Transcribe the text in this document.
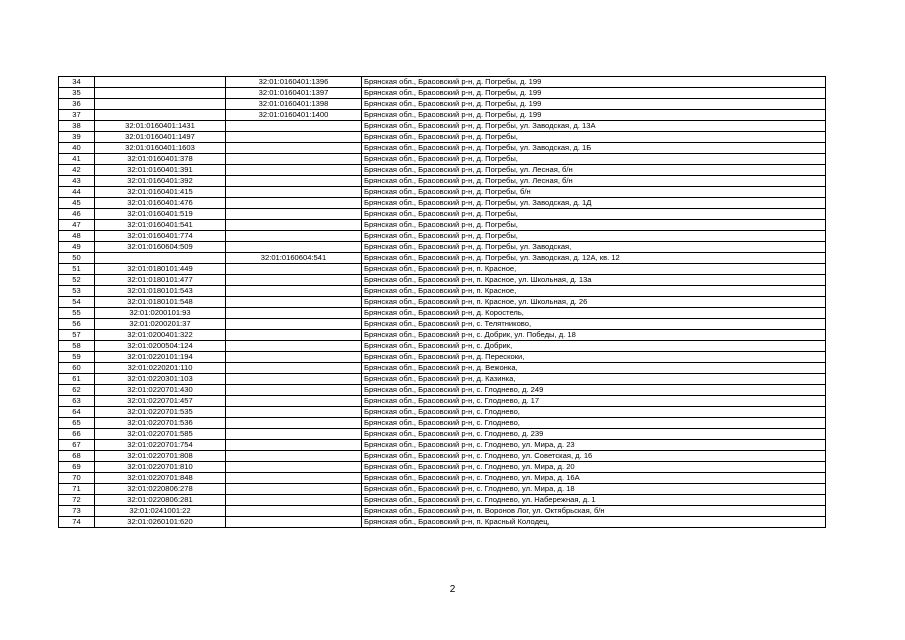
34		32:01:0160401:1396	Брянская обл., Брасовский р-н, д. Погребы, д. 199
35		32:01:0160401:1397	Брянская обл., Брасовский р-н, д. Погребы, д. 199
36		32:01:0160401:1398	Брянская обл., Брасовский р-н, д. Погребы, д. 199
37		32:01:0160401:1400	Брянская обл., Брасовский р-н, д. Погребы, д. 199
38	32:01:0160401:1431		Брянская обл., Брасовский р-н, д. Погребы, ул. Заводская, д. 13А
39	32:01:0160401:1497		Брянская обл., Брасовский р-н, д. Погребы,
40	32:01:0160401:1603		Брянская обл., Брасовский р-н, д. Погребы, ул. Заводская, д. 1Б
41	32:01:0160401:378		Брянская обл., Брасовский р-н, д. Погребы,
42	32:01:0160401:391		Брянская обл., Брасовский р-н, д. Погребы, ул. Лесная, б/н
43	32:01:0160401:392		Брянская обл., Брасовский р-н, д. Погребы, ул. Лесная, б/н
44	32:01:0160401:415		Брянская обл., Брасовский р-н, д. Погребы, б/н
45	32:01:0160401:476		Брянская обл., Брасовский р-н, д. Погребы, ул. Заводская, д. 1Д
46	32:01:0160401:519		Брянская обл., Брасовский р-н, д. Погребы,
47	32:01:0160401:541		Брянская обл., Брасовский р-н, д. Погребы,
48	32:01:0160401:774		Брянская обл., Брасовский р-н, д. Погребы,
49	32:01:0160604:509		Брянская обл., Брасовский р-н, д. Погребы, ул. Заводская,
50		32:01:0160604:541	Брянская обл., Брасовский р-н, д. Погребы, ул. Заводская, д. 12А, кв. 12
51	32:01:0180101:449		Брянская обл., Брасовский р-н, п. Красное,
52	32:01:0180101:477		Брянская обл., Брасовский р-н, п. Красное, ул. Школьная, д. 13а
53	32:01:0180101:543		Брянская обл., Брасовский р-н, п. Красное,
54	32:01:0180101:548		Брянская обл., Брасовский р-н, п. Красное, ул. Школьная, д. 26
55	32:01:0200101:93		Брянская обл., Брасовский р-н, д. Коростель,
56	32:01:0200201:37		Брянская обл., Брасовский р-н, с. Телятниково,
57	32:01:0200401:322		Брянская обл., Брасовский р-н, с. Добрик, ул. Победы, д. 18
58	32:01:0200504:124		Брянская обл., Брасовский р-н, с. Добрик,
59	32:01:0220101:194		Брянская обл., Брасовский р-н, д. Перескоки,
60	32:01:0220201:110		Брянская обл., Брасовский р-н, д. Вежонка,
61	32:01:0220301:103		Брянская обл., Брасовский р-н, д. Казинка,
62	32:01:0220701:430		Брянская обл., Брасовский р-н, с. Глоднево, д. 249
63	32:01:0220701:457		Брянская обл., Брасовский р-н, с. Глоднево, д. 17
64	32:01:0220701:535		Брянская обл., Брасовский р-н, с. Глоднево,
65	32:01:0220701:536		Брянская обл., Брасовский р-н, с. Глоднево,
66	32:01:0220701:585		Брянская обл., Брасовский р-н, с. Глоднево, д. 239
67	32:01:0220701:754		Брянская обл., Брасовский р-н, с. Глоднево, ул. Мира, д. 23
68	32:01:0220701:808		Брянская обл., Брасовский р-н, с. Глоднево, ул. Советская, д. 16
69	32:01:0220701:810		Брянская обл., Брасовский р-н, с. Глоднево, ул. Мира, д. 20
70	32:01:0220701:848		Брянская обл., Брасовский р-н, с. Глоднево, ул. Мира, д. 16А
71	32:01:0220806:278		Брянская обл., Брасовский р-н, с. Глоднево, ул. Мира, д. 18
72	32:01:0220806:281		Брянская обл., Брасовский р-н, с. Глоднево, ул. Набережная, д. 1
73	32:01:0241001:22		Брянская обл., Брасовский р-н, п. Воронов Лог, ул. Октябрьская, б/н
74	32:01:0260101:620		Брянская обл., Брасовский р-н, п. Красный Колодец,
2
